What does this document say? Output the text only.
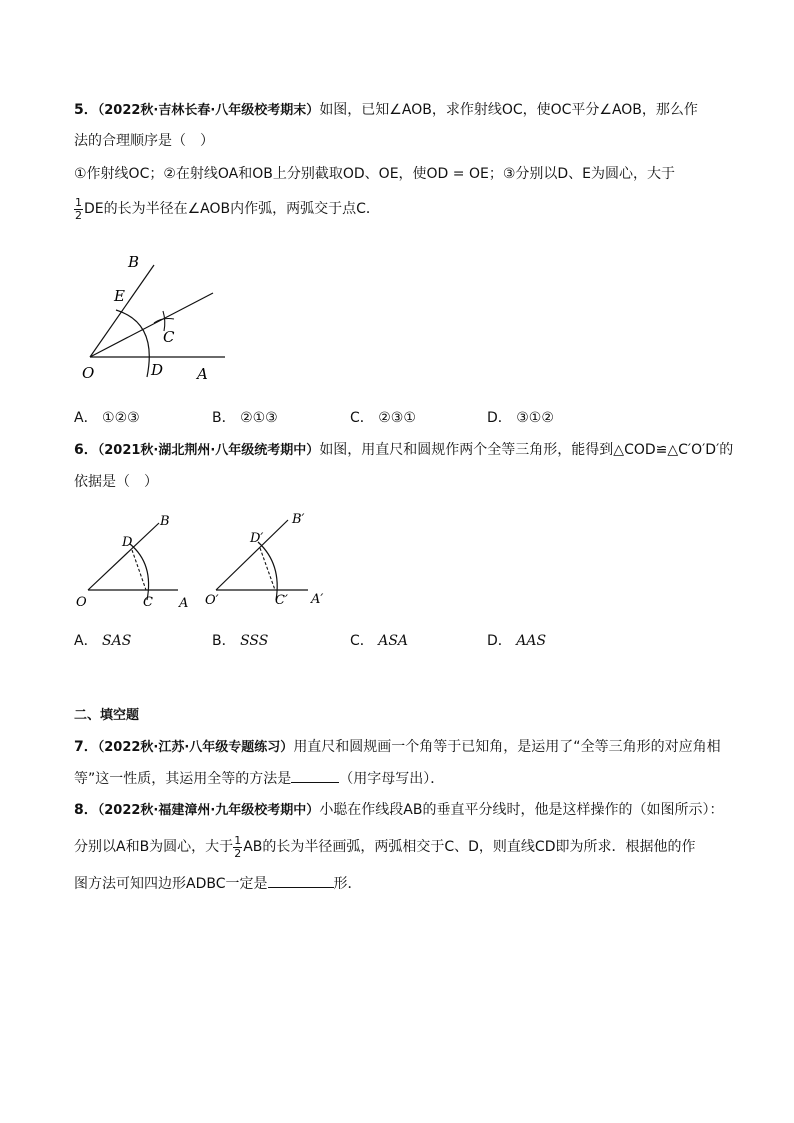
5．（2022秋·吉林长春·八年级校考期末）如图，已知∠AOB，求作射线OC，使OC平分∠AOB，那么作
法的合理顺序是（　）
①作射线OC；②在射线OA和OB上分别截取OD、OE，使OD = OE；③分别以D、E为圆心，大于
$\frac{1}{2}$ DE的长为半径在∠AOB内作弧，两弧交于点C．
B
E
C
O	D A
A． ①②③	B． ②①③	C． ②③①	D． ③①②
6．（2021秋·湖北荆州·八年级统考期中）如图，用直尺和圆规作两个全等三角形，能得到△COD≌△C′O′D′的
依据是（　）
B
D
O	C A
B′
D′
O′	C′ A′
A． SAS	B． SSS	C． ASA	D． AAS
二、填空题
7．（2022秋·江苏·八年级专题练习）用直尺和圆规画一个角等于已知角，是运用了“全等三角形的对应角相
等”这一性质，其运用全等的方法是	（用字母写出）．
8．（2022秋·福建漳州·九年级校考期中）小聪在作线段AB的垂直平分线时，他是这样操作的（如图所示）：
分别以A和B为圆心，大于 $\frac{1}{2}$ AB的长为半径画弧，两弧相交于C、D，则直线CD即为所求．根据他的作
图方法可知四边形ADBC一定是	形．
